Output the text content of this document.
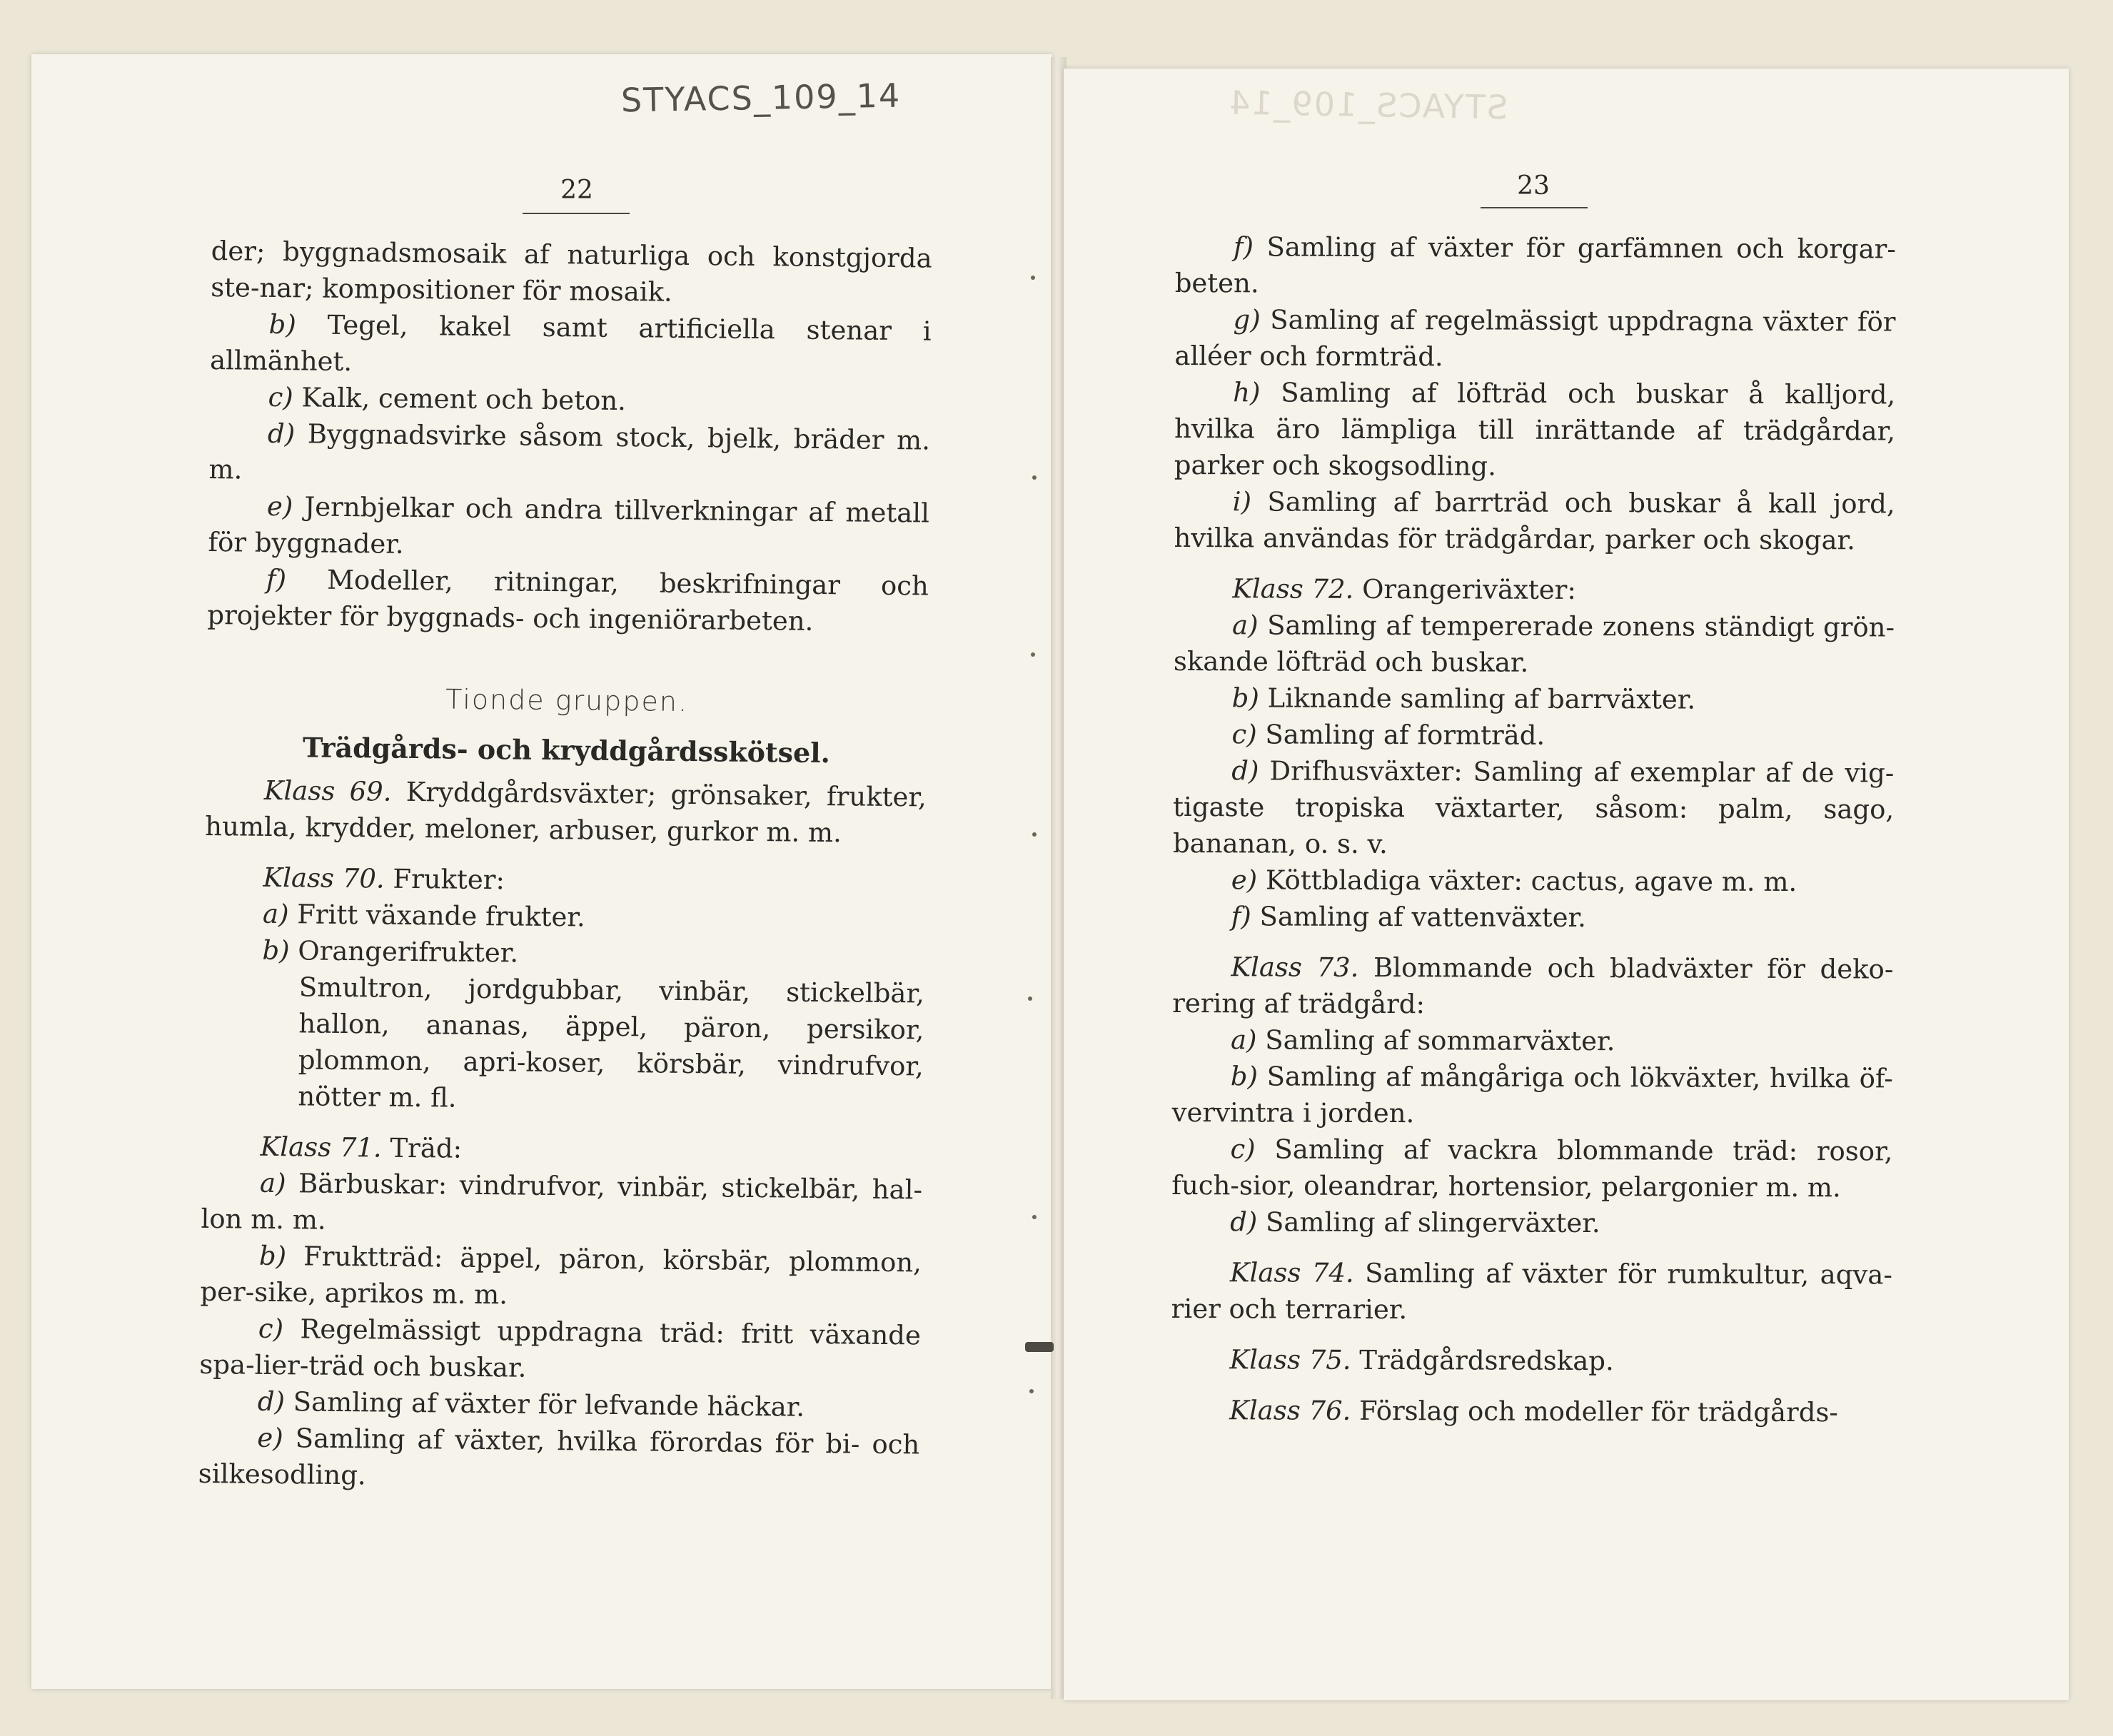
STYACS_109_14	STYACS_109_14
22	23

der; byggnadsmosaik af naturliga och konstgjorda ste-nar; kompositioner för mosaik.

b) Tegel, kakel samt artificiella stenar i allmänhet.

c) Kalk, cement och beton.

d) Byggnadsvirke såsom stock, bjelk, bräder m. m.

e) Jernbjelkar och andra tillverkningar af metall för byggnader.

f) Modeller, ritningar, beskrifningar och projekter för byggnads- och ingeniörarbeten.

Tionde gruppen.
Trädgårds- och kryddgårdsskötsel.

Klass 69. Kryddgårdsväxter; grönsaker, frukter, humla, krydder, meloner, arbuser, gurkor m. m.

Klass 70. Frukter:

a) Fritt växande frukter.

b) Orangerifrukter.

Smultron, jordgubbar, vinbär, stickelbär, hallon, ananas, äppel, päron, persikor, plommon, apri-koser, körsbär, vindrufvor, nötter m. fl.

Klass 71. Träd:

a) Bärbuskar: vindrufvor, vinbär, stickelbär, hal-lon m. m.

b) Fruktträd: äppel, päron, körsbär, plommon, per-sike, aprikos m. m.

c) Regelmässigt uppdragna träd: fritt växande spa-lier-träd och buskar.

d) Samling af växter för lefvande häckar.

e) Samling af växter, hvilka förordas för bi- och silkesodling.

f) Samling af växter för garfämnen och korgar-beten.

g) Samling af regelmässigt uppdragna växter för alléer och formträd.

h) Samling af löfträd och buskar å kalljord, hvilka äro lämpliga till inrättande af trädgårdar, parker och skogsodling.

i) Samling af barrträd och buskar å kall jord, hvilka användas för trädgårdar, parker och skogar.

Klass 72. Orangeriväxter:

a) Samling af tempererade zonens ständigt grön-skande löfträd och buskar.

b) Liknande samling af barrväxter.

c) Samling af formträd.

d) Drifhusväxter: Samling af exemplar af de vig-tigaste tropiska växtarter, såsom: palm, sago, bananan, o. s. v.

e) Köttbladiga växter: cactus, agave m. m.

f) Samling af vattenväxter.

Klass 73. Blommande och bladväxter för deko-rering af trädgård:

a) Samling af sommarväxter.

b) Samling af mångåriga och lökväxter, hvilka öf-vervintra i jorden.

c) Samling af vackra blommande träd: rosor, fuch-sior, oleandrar, hortensior, pelargonier m. m.

d) Samling af slingerväxter.

Klass 74. Samling af växter för rumkultur, aqva-rier och terrarier.

Klass 75. Trädgårdsredskap.

Klass 76. Förslag och modeller för trädgårds-
